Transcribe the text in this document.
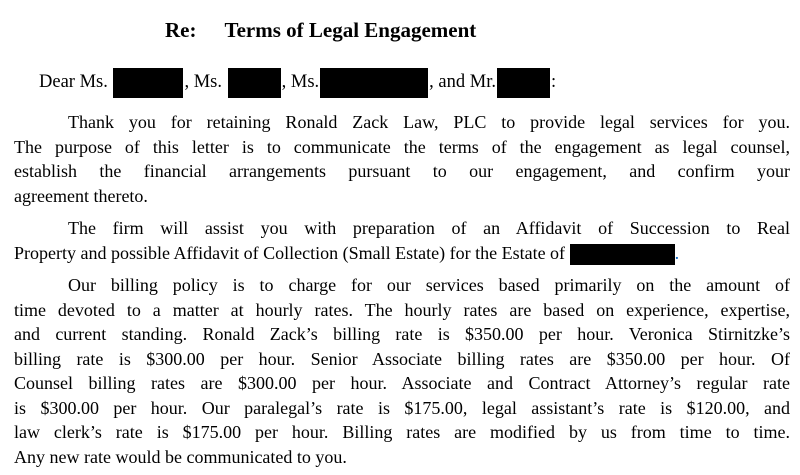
Re: Terms of Legal Engagement
Dear Ms.	, Ms.	, Ms.	, and Mr.	:
Thank you for retaining Ronald Zack Law, PLC to provide legal services for you.
The purpose of this letter is to communicate the terms of the engagement as legal counsel,
establish the financial arrangements pursuant to our engagement, and confirm your
agreement thereto.
The firm will assist you with preparation of an Affidavit of Succession to Real
Property and possible Affidavit of Collection (Small Estate) for the Estate of	.
Our billing policy is to charge for our services based primarily on the amount of
time devoted to a matter at hourly rates. The hourly rates are based on experience, expertise,
and current standing. Ronald Zack’s billing rate is $350.00 per hour. Veronica Stirnitzke’s
billing rate is $300.00 per hour. Senior Associate billing rates are $350.00 per hour. Of
Counsel billing rates are $300.00 per hour. Associate and Contract Attorney’s regular rate
is $300.00 per hour. Our paralegal’s rate is $175.00, legal assistant’s rate is $120.00, and
law clerk’s rate is $175.00 per hour. Billing rates are modified by us from time to time.
Any new rate would be communicated to you.
